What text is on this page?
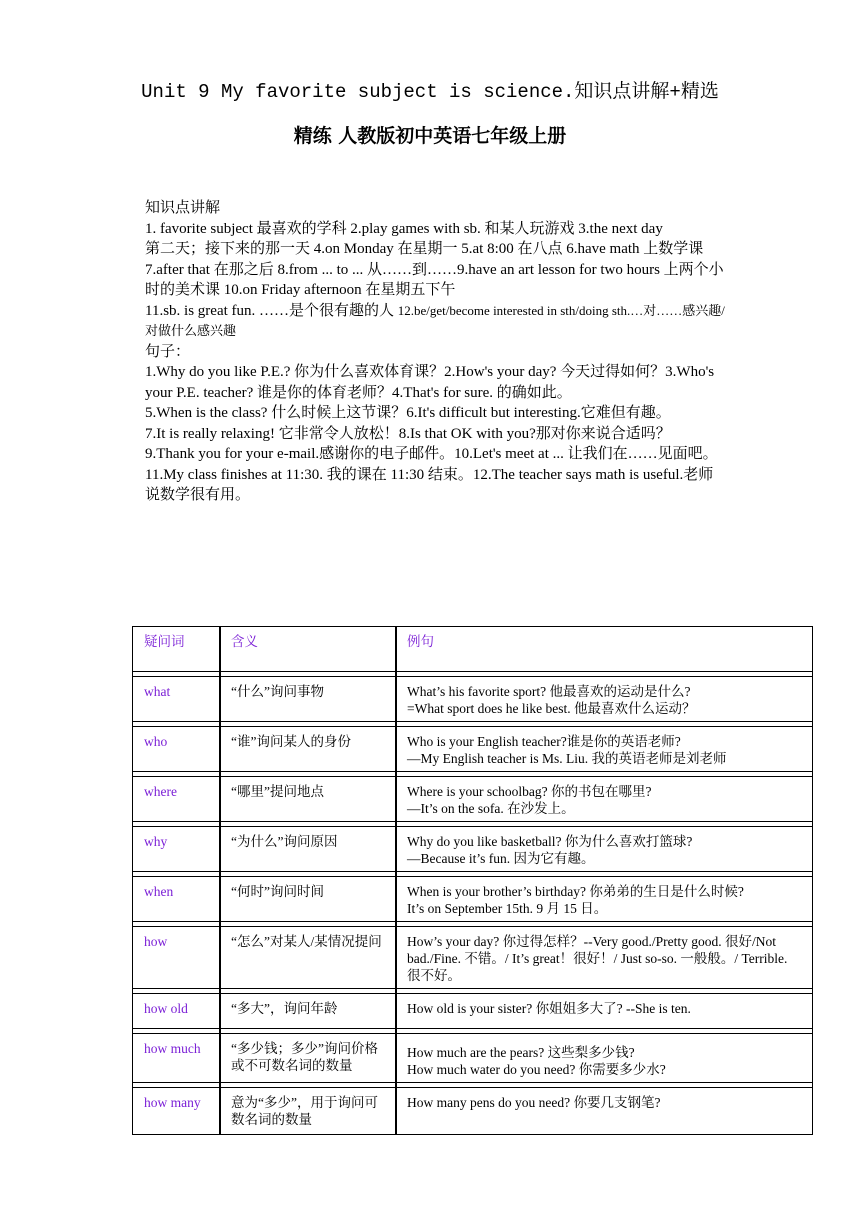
Unit 9 My favorite subject is science.知识点讲解+精选
精练 人教版初中英语七年级上册

知识点讲解

1. favorite subject 最喜欢的学科 2.play games with sb. 和某人玩游戏 3.the next day

第二天；接下来的那一天 4.on Monday 在星期一 5.at 8:00 在八点 6.have math 上数学课 7.after that 在那之后 8.from ... to ... 从……到……9.have an art lesson for two hours 上两个小时的美术课 10.on Friday afternoon 在星期五下午

11.sb. is great fun. ……是个很有趣的人 12.be/get/become interested in sth/doing sth.…对……感兴趣/对做什么感兴趣

句子：

1.Why do you like P.E.? 你为什么喜欢体育课？2.How's your day? 今天过得如何？3.Who's your P.E. teacher? 谁是你的体育老师？4.That's for sure. 的确如此。

5.When is the class? 什么时候上这节课？6.It's difficult but interesting.它难但有趣。

7.It is really relaxing! 它非常令人放松！8.Is that OK with you?那对你来说合适吗？

9.Thank you for your e-mail.感谢你的电子邮件。10.Let's meet at ... 让我们在……见面吧。11.My class finishes at 11:30. 我的课在 11:30 结束。12.The teacher says math is useful.老师说数学很有用。

疑问词	含义	例句

what	“什么”询问事物	What’s his favorite sport? 他最喜欢的运动是什么?
=What sport does he like best. 他最喜欢什么运动？

who	“谁”询问某人的身份	Who is your English teacher?谁是你的英语老师?
—My English teacher is Ms. Liu. 我的英语老师是刘老师

where	“哪里”提问地点	Where is your schoolbag? 你的书包在哪里?
—It’s on the sofa. 在沙发上。

why	“为什么”询问原因	Why do you like basketball? 你为什么喜欢打篮球?
—Because it’s fun. 因为它有趣。

when	“何时”询问时间	When is your brother’s birthday? 你弟弟的生日是什么时候?
It’s on September 15th. 9 月 15 日。

how	“怎么”对某人/某情况提问	How’s your day? 你过得怎样？--Very good./Pretty good. 很好/Not bad./Fine. 不错。/ It’s great！很好！/ Just so-so. 一般般。/ Terrible. 很不好。

how old	“多大”，询问年龄	How old is your sister? 你姐姐多大了? --She is ten.

how much	“多少钱；多少”询问价格或不可数名词的数量	How much are the pears? 这些梨多少钱?
How much water do you need? 你需要多少水?

how many	意为“多少”，用于询问可数名词的数量	How many pens do you need? 你要几支钢笔?
